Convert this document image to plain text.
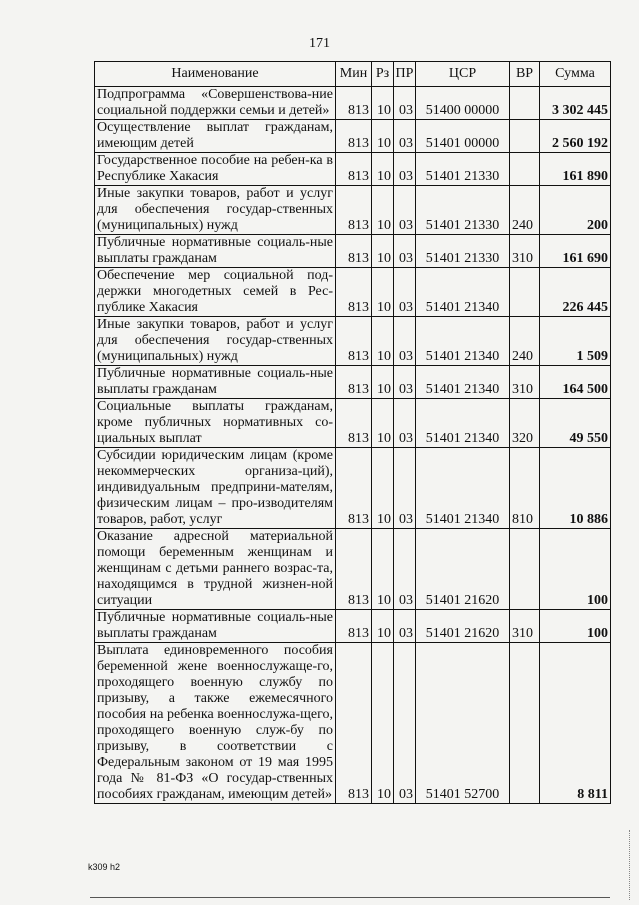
171
Наименование	Мин	Рз	ПР	ЦСР	ВР	Сумма
Подпрограмма «Совершенствова-ние социальной поддержки семьи и детей»	813	10	03	51400 00000		3 302 445
Осуществление выплат гражданам, имеющим детей	813	10	03	51401 00000		2 560 192
Государственное пособие на ребен-ка в Республике Хакасия	813	10	03	51401 21330		161 890
Иные закупки товаров, работ и услуг для обеспечения государ-ственных (муниципальных) нужд	813	10	03	51401 21330	240	200
Публичные нормативные социаль-ные выплаты гражданам	813	10	03	51401 21330	310	161 690
Обеспечение мер социальной под-держки многодетных семей в Рес-публике Хакасия	813	10	03	51401 21340		226 445
Иные закупки товаров, работ и услуг для обеспечения государ-ственных (муниципальных) нужд	813	10	03	51401 21340	240	1 509
Публичные нормативные социаль-ные выплаты гражданам	813	10	03	51401 21340	310	164 500
Социальные выплаты гражданам, кроме публичных нормативных со-циальных выплат	813	10	03	51401 21340	320	49 550
Субсидии юридическим лицам (кроме некоммерческих организа-ций), индивидуальным предприни-мателям, физическим лицам – про-изводителям товаров, работ, услуг	813	10	03	51401 21340	810	10 886
Оказание адресной материальной помощи беременным женщинам и женщинам с детьми раннего возрас-та, находящимся в трудной жизнен-ной ситуации	813	10	03	51401 21620		100
Публичные нормативные социаль-ные выплаты гражданам	813	10	03	51401 21620	310	100
Выплата единовременного пособия беременной жене военнослужаще-го, проходящего военную службу по призыву, а также ежемесячного пособия на ребенка военнослужа-щего, проходящего военную служ-бу по призыву, в соответствии с Федеральным законом от 19 мая 1995 года № 81-ФЗ «О государ-ственных пособиях гражданам, имеющим детей»	813	10	03	51401 52700		8 811
k309 h2
